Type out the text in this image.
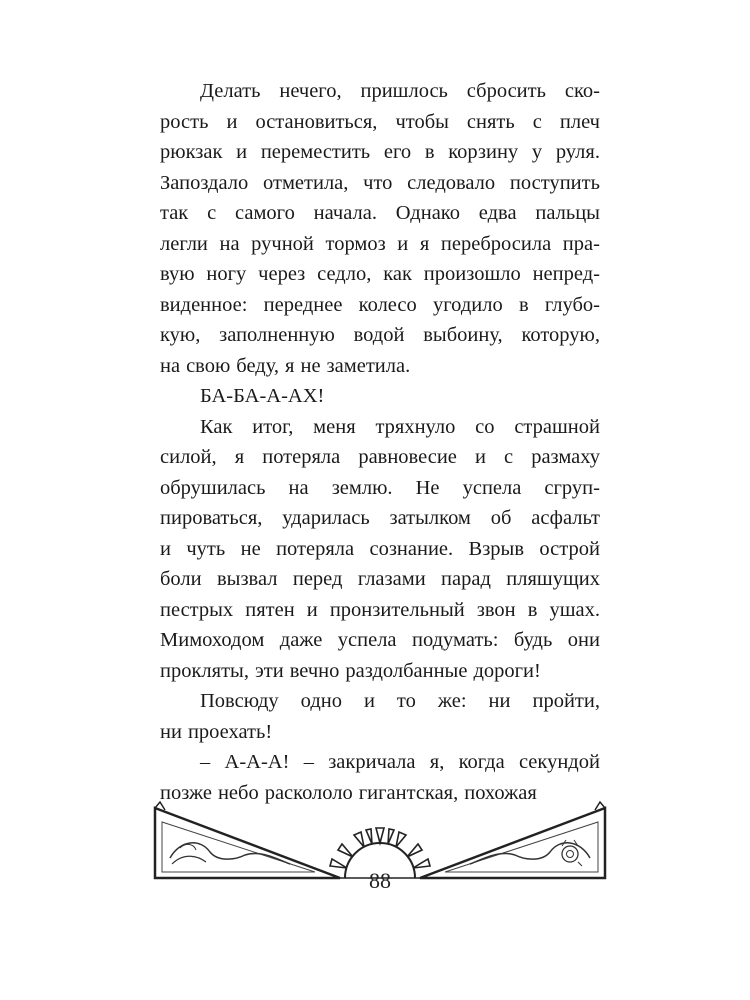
Делать нечего, пришлось сбросить ско-
рость и остановиться, чтобы снять с плеч
рюкзак и переместить его в корзину у руля.
Запоздало отметила, что следовало поступить
так с самого начала. Однако едва пальцы
легли на ручной тормоз и я перебросила пра-
вую ногу через седло, как произошло непред-
виденное: переднее колесо угодило в глубо-
кую, заполненную водой выбоину, которую,
на свою беду, я не заметила.
БА-БА-А-АХ!
Как итог, меня тряхнуло со страшной
силой, я потеряла равновесие и с размаху
обрушилась на землю. Не успела сгруп-
пироваться, ударилась затылком об асфальт
и чуть не потеряла сознание. Взрыв острой
боли вызвал перед глазами парад пляшущих
пестрых пятен и пронзительный звон в ушах.
Мимоходом даже успела подумать: будь они
прокляты, эти вечно раздолбанные дороги!
Повсюду одно и то же: ни пройти,
ни проехать!
– А-А-А! – закричала я, когда секундой
позже небо раскололо гигантская, похожая
88
